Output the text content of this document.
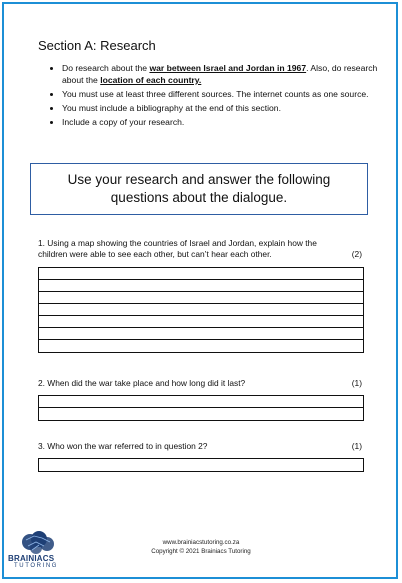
Section A: Research
• Do research about the war between Israel and Jordan in 1967. Also, do research about the location of each country.
• You must use at least three different sources. The internet counts as one source.
• You must include a bibliography at the end of this section.
• Include a copy of your research.
Use your research and answer the following questions about the dialogue.
1. Using a map showing the countries of Israel and Jordan, explain how the children were able to see each other, but can’t hear each other.	(2)
2. When did the war take place and how long did it last?	(1)
3. Who won the war referred to in question 2?	(1)
BRAINIACS
TUTORING
www.brainiacstutoring.co.za
Copyright © 2021 Brainiacs Tutoring
